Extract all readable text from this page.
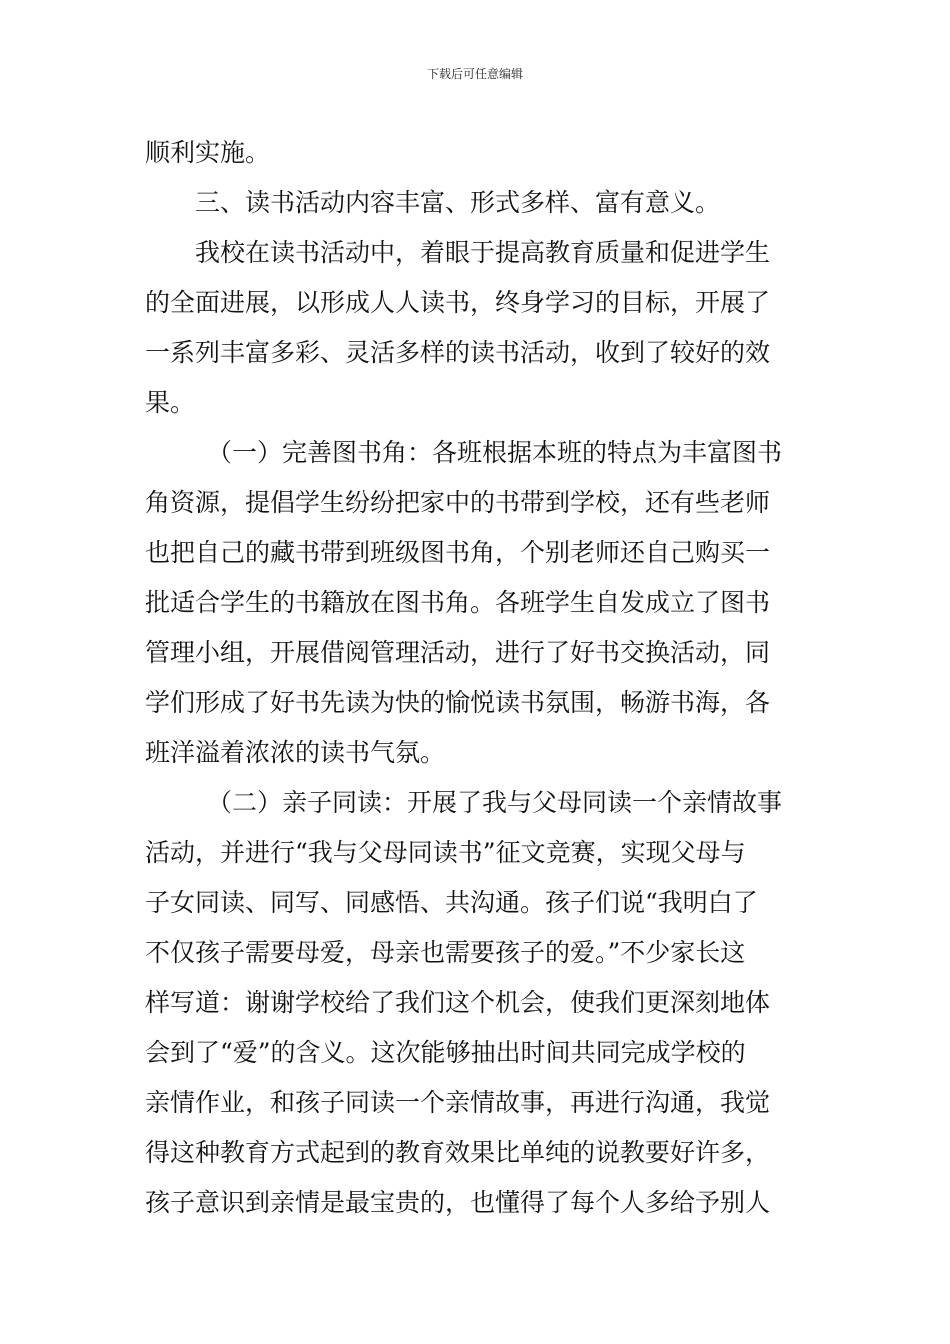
下载后可任意编辑
顺利实施。
三、读书活动内容丰富、形式多样、富有意义。
我校在读书活动中，着眼于提高教育质量和促进学生
的全面进展，以形成人人读书，终身学习的目标，开展了
一系列丰富多彩、灵活多样的读书活动，收到了较好的效
果。
（一）完善图书角：各班根据本班的特点为丰富图书
角资源，提倡学生纷纷把家中的书带到学校，还有些老师
也把自己的藏书带到班级图书角，个别老师还自己购买一
批适合学生的书籍放在图书角。各班学生自发成立了图书
管理小组，开展借阅管理活动，进行了好书交换活动，同
学们形成了好书先读为快的愉悦读书氛围，畅游书海，各
班洋溢着浓浓的读书气氛。
（二）亲子同读：开展了我与父母同读一个亲情故事
活动，并进行“我与父母同读书”征文竞赛，实现父母与
子女同读、同写、同感悟、共沟通。孩子们说“我明白了
不仅孩子需要母爱，母亲也需要孩子的爱。”不少家长这
样写道：谢谢学校给了我们这个机会，使我们更深刻地体
会到了“爱”的含义。这次能够抽出时间共同完成学校的
亲情作业，和孩子同读一个亲情故事，再进行沟通，我觉
得这种教育方式起到的教育效果比单纯的说教要好许多，
孩子意识到亲情是最宝贵的，也懂得了每个人多给予别人
